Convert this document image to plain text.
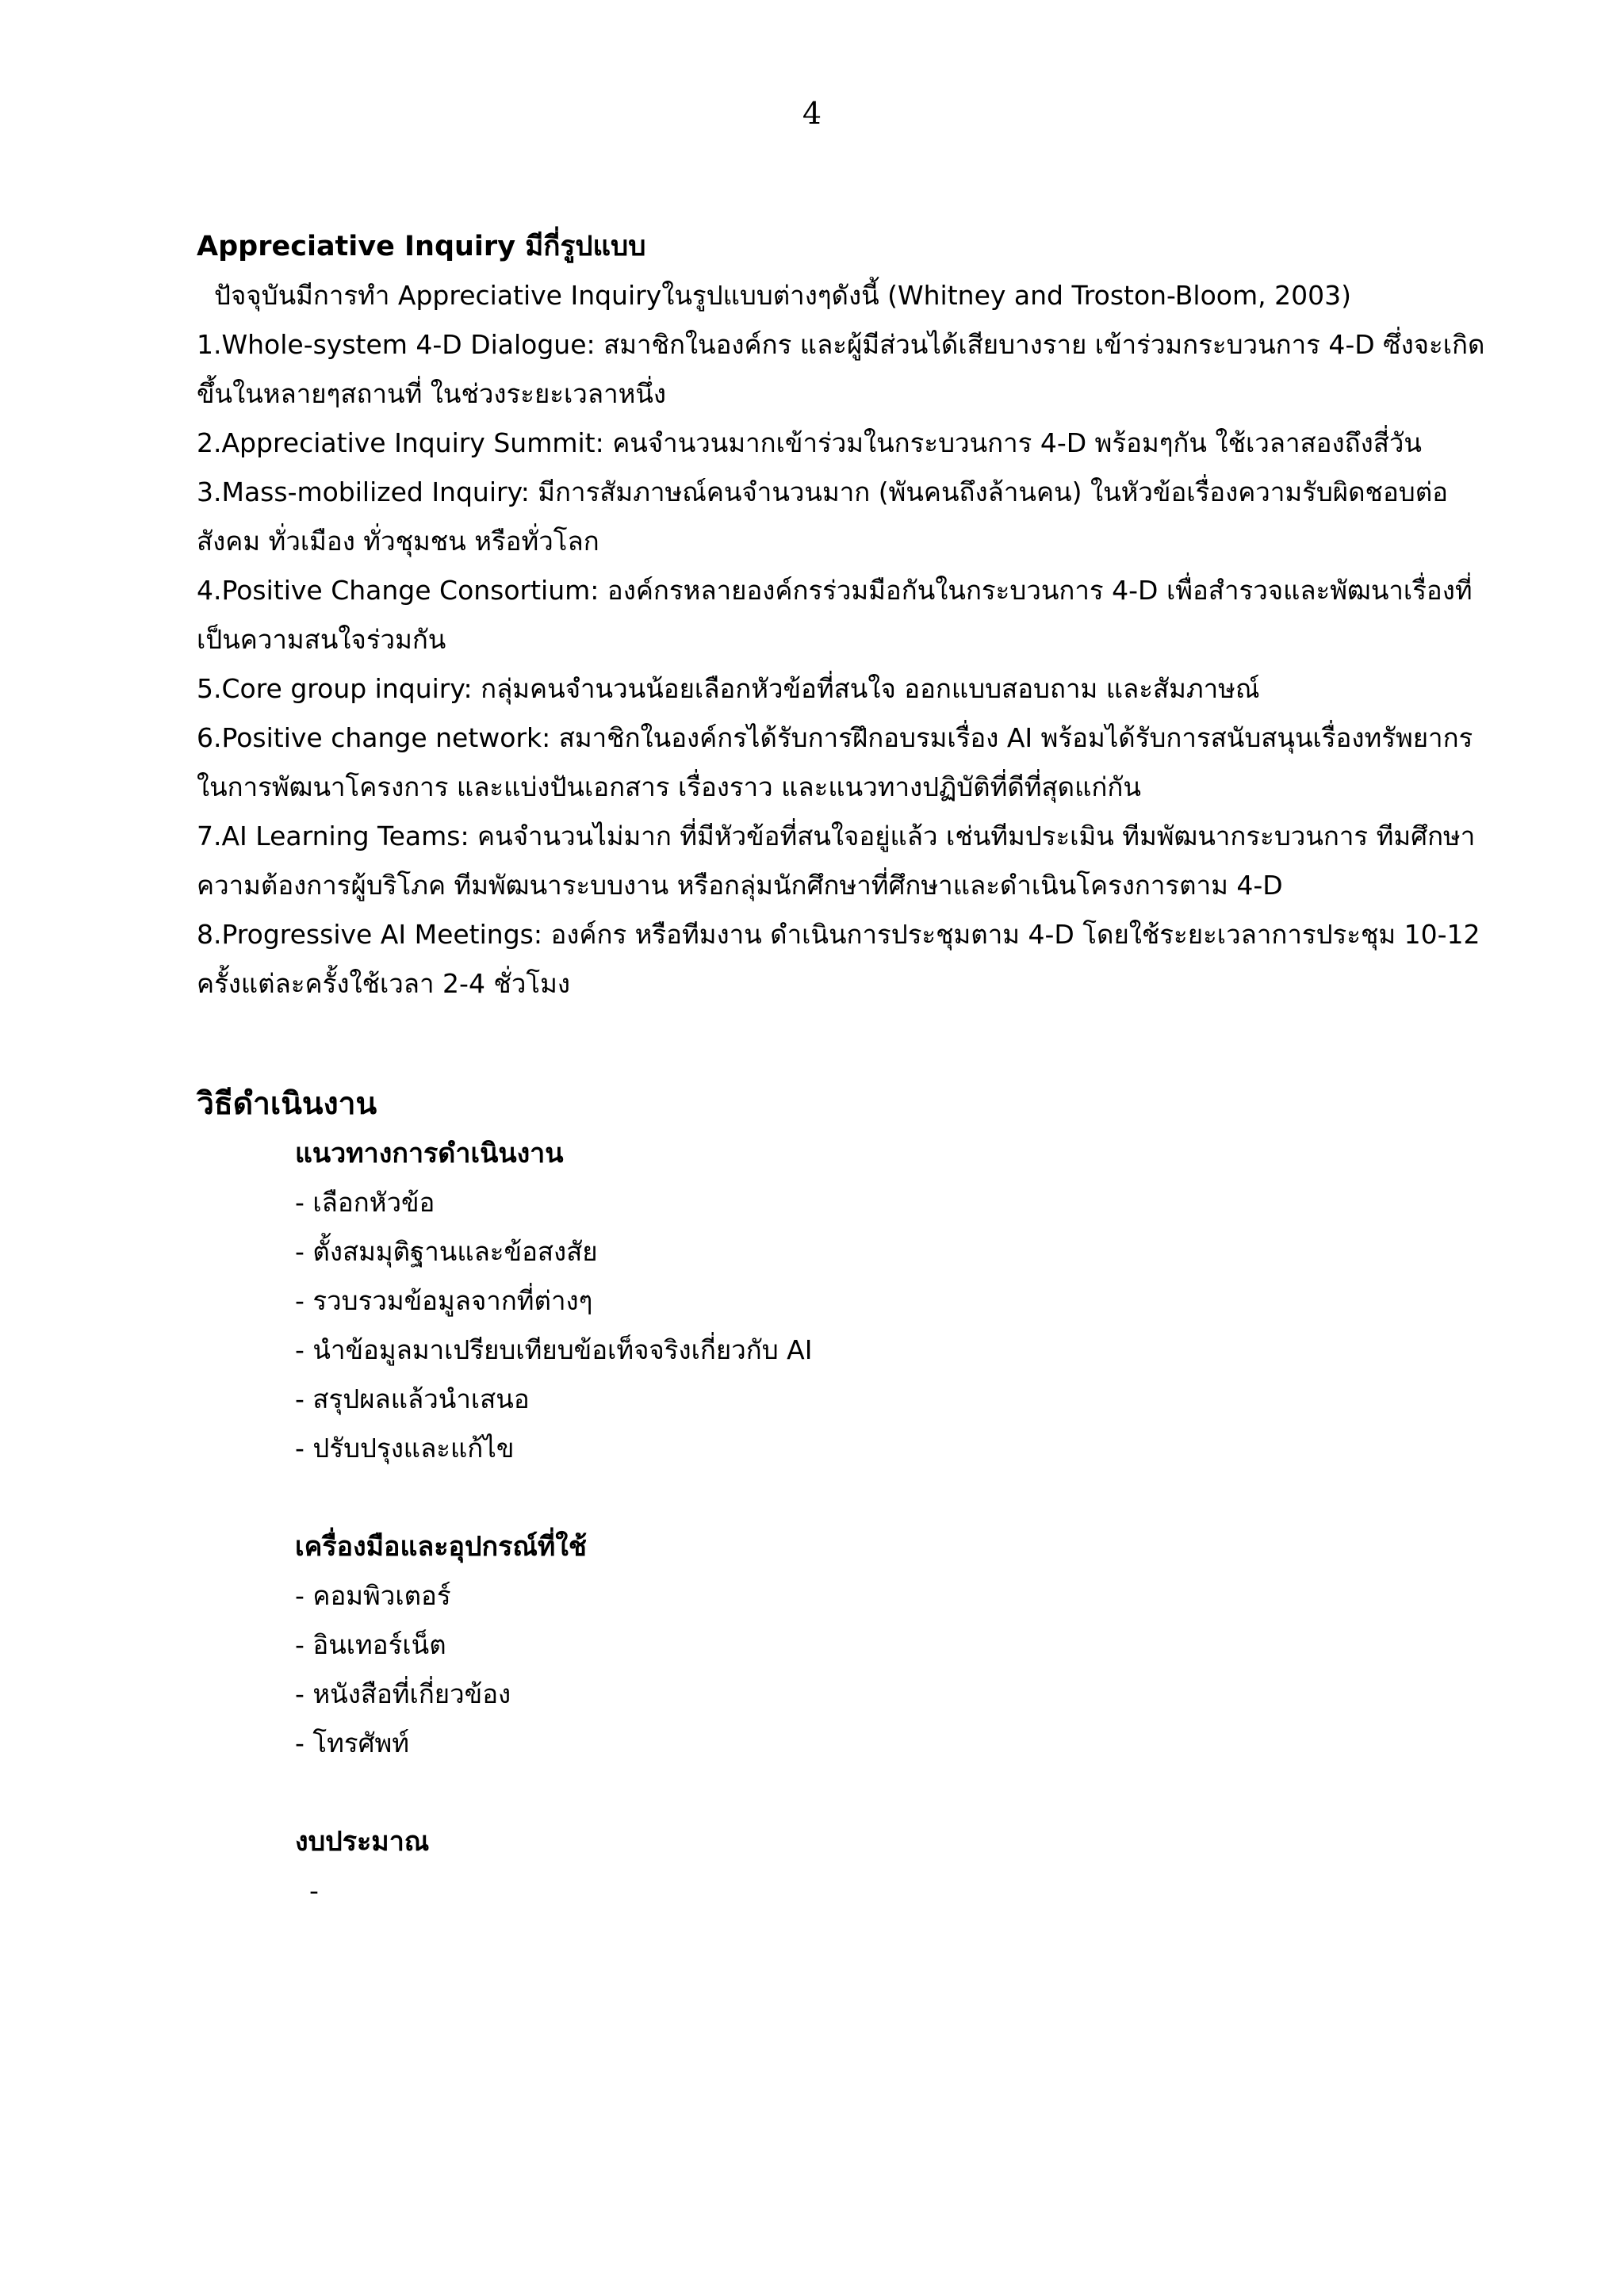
4

Appreciative Inquiry มีกี่รูปแบบ

ปัจจุบันมีการทำ Appreciative Inquiryในรูปแบบต่างๆดังนี้ (Whitney and Troston-Bloom, 2003)

1.Whole-system 4-D Dialogue: สมาชิกในองค์กร และผู้มีส่วนได้เสียบางราย เข้าร่วมกระบวนการ 4-D ซึ่งจะเกิดขึ้นในหลายๆสถานที่ ในช่วงระยะเวลาหนึ่ง

2.Appreciative Inquiry Summit: คนจำนวนมากเข้าร่วมในกระบวนการ 4-D พร้อมๆกัน ใช้เวลาสองถึงสี่วัน

3.Mass-mobilized Inquiry: มีการสัมภาษณ์คนจำนวนมาก (พันคนถึงล้านคน) ในหัวข้อเรื่องความรับผิดชอบต่อสังคม ทั่วเมือง ทั่วชุมชน หรือทั่วโลก

4.Positive Change Consortium: องค์กรหลายองค์กรร่วมมือกันในกระบวนการ 4-D เพื่อสำรวจและพัฒนาเรื่องที่เป็นความสนใจร่วมกัน

5.Core group inquiry: กลุ่มคนจำนวนน้อยเลือกหัวข้อที่สนใจ ออกแบบสอบถาม และสัมภาษณ์

6.Positive change network: สมาชิกในองค์กรได้รับการฝึกอบรมเรื่อง AI พร้อมได้รับการสนับสนุนเรื่องทรัพยากรในการพัฒนาโครงการ และแบ่งปันเอกสาร เรื่องราว และแนวทางปฏิบัติที่ดีที่สุดแก่กัน

7.AI Learning Teams: คนจำนวนไม่มาก ที่มีหัวข้อที่สนใจอยู่แล้ว เช่นทีมประเมิน ทีมพัฒนากระบวนการ ทีมศึกษาความต้องการผู้บริโภค ทีมพัฒนาระบบงาน หรือกลุ่มนักศึกษาที่ศึกษาและดำเนินโครงการตาม 4-D

8.Progressive AI Meetings: องค์กร หรือทีมงาน ดำเนินการประชุมตาม 4-D โดยใช้ระยะเวลาการประชุม 10-12 ครั้งแต่ละครั้งใช้เวลา 2-4 ชั่วโมง

วิธีดำเนินงาน

แนวทางการดำเนินงาน

- เลือกหัวข้อ

- ตั้งสมมุติฐานและข้อสงสัย

- รวบรวมข้อมูลจากที่ต่างๆ

- นำข้อมูลมาเปรียบเทียบข้อเท็จจริงเกี่ยวกับ AI

- สรุปผลแล้วนำเสนอ

- ปรับปรุงและแก้ไข

เครื่องมือและอุปกรณ์ที่ใช้

- คอมพิวเตอร์

- อินเทอร์เน็ต

- หนังสือที่เกี่ยวข้อง

- โทรศัพท์

งบประมาณ

-
